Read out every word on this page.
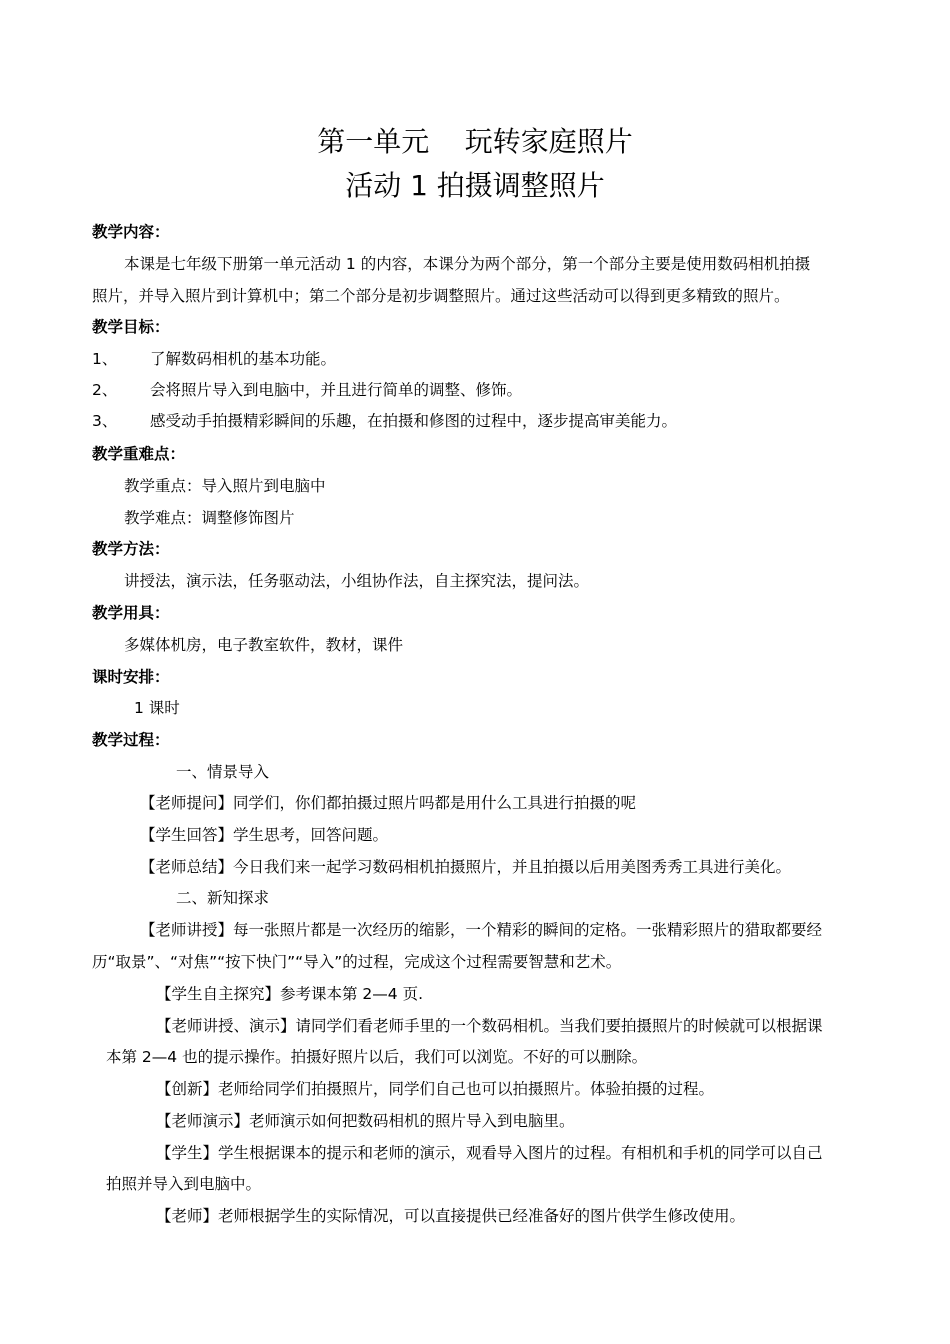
第一单元    玩转家庭照片
活动 1 拍摄调整照片
教学内容：
本课是七年级下册第一单元活动 1 的内容，本课分为两个部分，第一个部分主要是使用数码相机拍摄
照片，并导入照片到计算机中；第二个部分是初步调整照片。通过这些活动可以得到更多精致的照片。
教学目标：
1、 了解数码相机的基本功能。
2、 会将照片导入到电脑中，并且进行简单的调整、修饰。
3、 感受动手拍摄精彩瞬间的乐趣，在拍摄和修图的过程中，逐步提高审美能力。
教学重难点：
教学重点：导入照片到电脑中
教学难点：调整修饰图片
教学方法：
讲授法，演示法，任务驱动法，小组协作法，自主探究法，提问法。
教学用具：
多媒体机房，电子教室软件，教材，课件
课时安排：
1 课时
教学过程：
一、情景导入
【老师提问】同学们，你们都拍摄过照片吗都是用什么工具进行拍摄的呢
【学生回答】学生思考，回答问题。
【老师总结】今日我们来一起学习数码相机拍摄照片，并且拍摄以后用美图秀秀工具进行美化。
二、新知探求
【老师讲授】每一张照片都是一次经历的缩影，一个精彩的瞬间的定格。一张精彩照片的猎取都要经
历“取景”、“对焦”“按下快门”“导入”的过程，完成这个过程需要智慧和艺术。
【学生自主探究】参考课本第 2—4 页.
【老师讲授、演示】请同学们看老师手里的一个数码相机。当我们要拍摄照片的时候就可以根据课
本第 2—4 也的提示操作。拍摄好照片以后，我们可以浏览。不好的可以删除。
【创新】老师给同学们拍摄照片，同学们自己也可以拍摄照片。体验拍摄的过程。
【老师演示】老师演示如何把数码相机的照片导入到电脑里。
【学生】学生根据课本的提示和老师的演示，观看导入图片的过程。有相机和手机的同学可以自己
拍照并导入到电脑中。
【老师】老师根据学生的实际情况，可以直接提供已经准备好的图片供学生修改使用。
